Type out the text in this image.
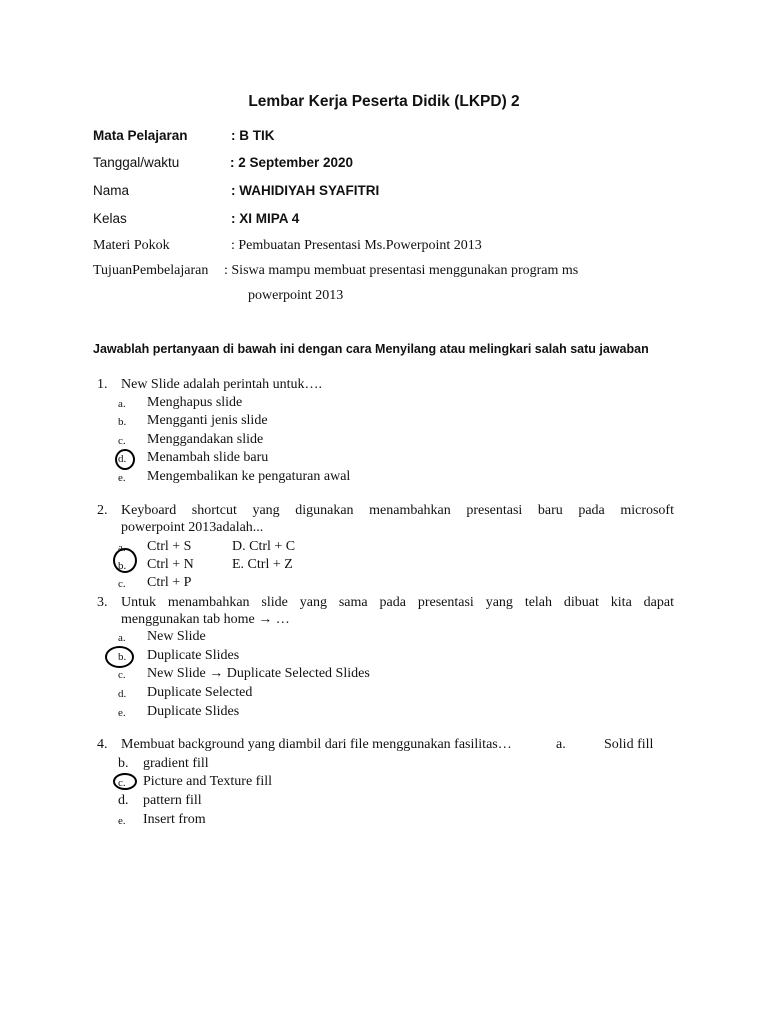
Lembar Kerja Peserta Didik (LKPD) 2
Mata Pelajaran	: B TIK
Tanggal/waktu	: 2 September 2020
Nama	: WAHIDIYAH SYAFITRI
Kelas	: XI MIPA 4
Materi Pokok	: Pembuatan Presentasi Ms.Powerpoint 2013
TujuanPembelajaran : Siswa mampu membuat presentasi menggunakan program ms
powerpoint 2013
Jawablah pertanyaan di bawah ini dengan cara Menyilang atau melingkari salah satu jawaban
1. New Slide adalah perintah untuk….
a. Menghapus slide
b. Mengganti jenis slide
c. Menggandakan slide
d. Menambah slide baru
e. Mengembalikan ke pengaturan awal
2. Keyboard shortcut yang digunakan menambahkan presentasi baru pada microsoft
powerpoint 2013adalah...
a. Ctrl + S	D. Ctrl + C
b. Ctrl + N	E. Ctrl + Z
c. Ctrl + P
3. Untuk menambahkan slide yang sama pada presentasi yang telah dibuat kita dapat
menggunakan tab home → …
a. New Slide
b. Duplicate Slides
c. New Slide → Duplicate Selected Slides
d. Duplicate Selected
e. Duplicate Slides
4. Membuat background yang diambil dari file menggunakan fasilitas…	a.	Solid fill
b. gradient fill
c. Picture and Texture fill
d. pattern fill
e. Insert from
